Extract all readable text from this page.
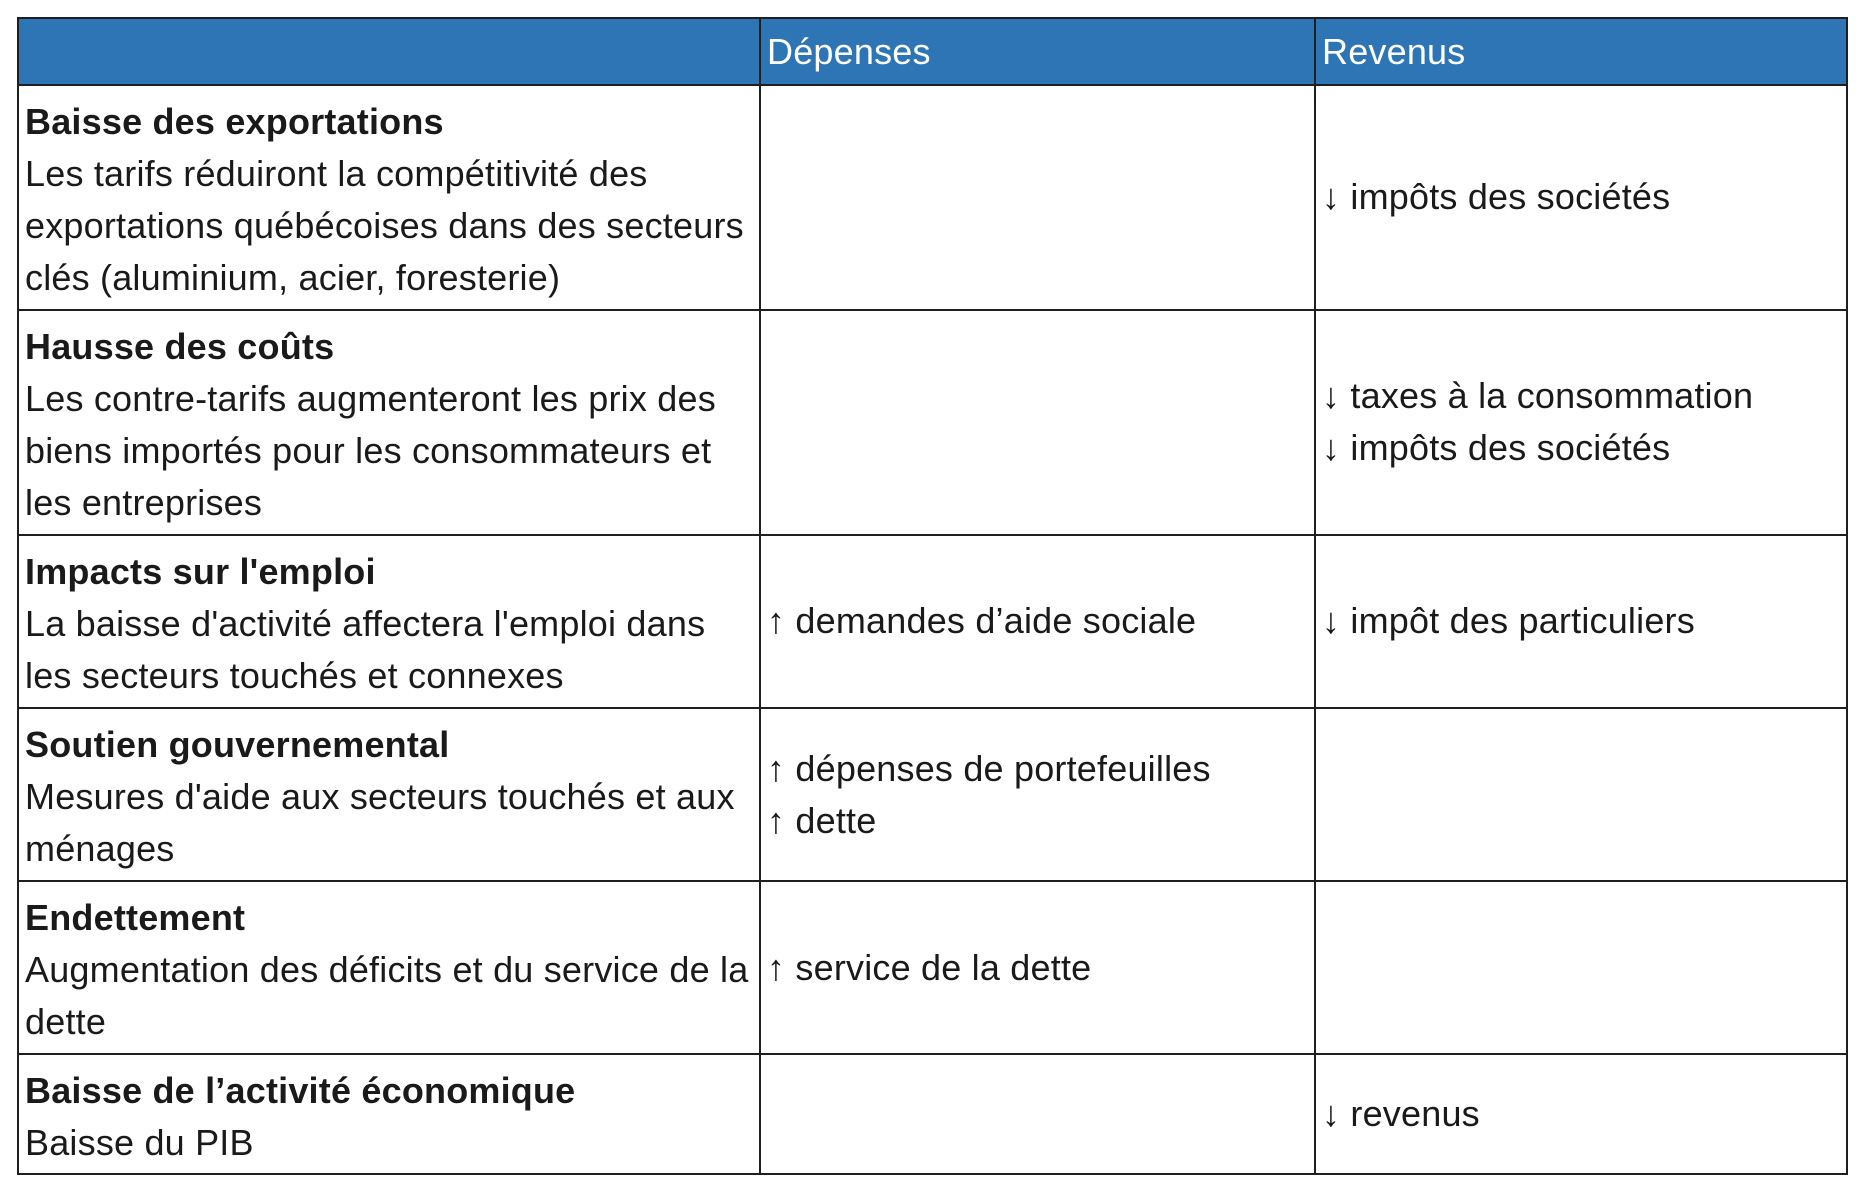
	Dépenses	Revenus

Baisse des exportations
Les tarifs réduiront la compétitivité des exportations québécoises dans des secteurs clés (aluminium, acier, foresterie)		↓ impôts des sociétés

Hausse des coûts
Les contre-tarifs augmenteront les prix des biens importés pour les consommateurs et les entreprises		↓ taxes à la consommation
↓ impôts des sociétés

Impacts sur l'emploi
La baisse d'activité affectera l'emploi dans les secteurs touchés et connexes	↑ demandes d’aide sociale	↓ impôt des particuliers

Soutien gouvernemental
Mesures d'aide aux secteurs touchés et aux ménages	↑ dépenses de portefeuilles
↑ dette	

Endettement
Augmentation des déficits et du service de la dette	↑ service de la dette	

Baisse de l’activité économique
Baisse du PIB		↓ revenus
